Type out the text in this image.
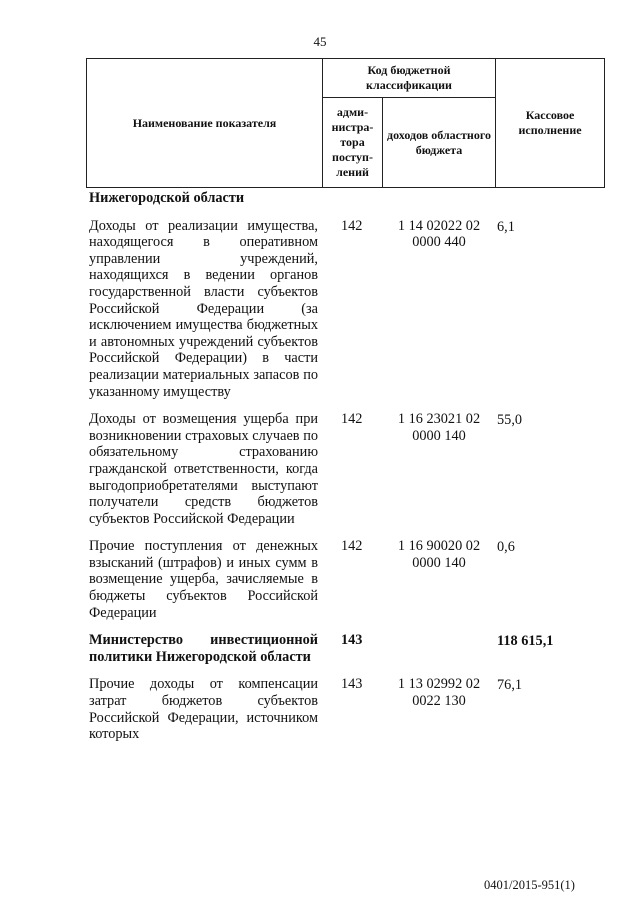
45
Наименование показателя	Код бюджетной классификации		Кассовое исполнение
	адми-нистра-тора поступ-лений	доходов областного бюджета	
Нижегородской области			
Доходы от реализации имущества, находящегося в оперативном управлении учреждений, находящихся в ведении органов государственной власти субъектов Российской Федерации (за исключением имущества бюджетных и автономных учреждений субъектов Российской Федерации) в части реализации материальных запасов по указанному имуществу	142	1 14 02022 02 0000 440	6,1
Доходы от возмещения ущерба при возникновении страховых случаев по обязательному страхованию гражданской ответственности, когда выгодоприобретателями выступают получатели средств бюджетов субъектов Российской Федерации	142	1 16 23021 02 0000 140	55,0
Прочие поступления от денежных взысканий (штрафов) и иных сумм в возмещение ущерба, зачисляемые в бюджеты субъектов Российской Федерации	142	1 16 90020 02 0000 140	0,6
Министерство инвестиционной политики Нижегородской области	143		118 615,1
Прочие доходы от компенсации затрат бюджетов субъектов Российской Федерации, источником которых	143	1 13 02992 02 0022 130	76,1
0401/2015-951(1)
